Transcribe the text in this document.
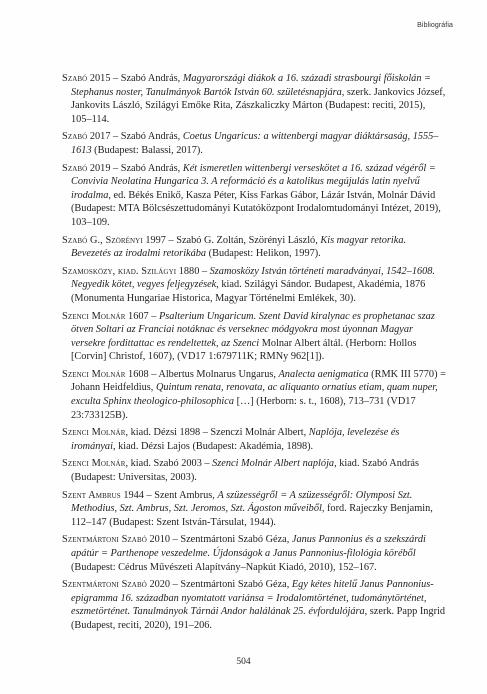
Bibliográfia

Szabó 2015 – Szabó András, Magyarországi diákok a 16. századi strasbourgi főiskolán = Stephanus noster, Tanulmányok Bartók István 60. születésnapjára, szerk. Jankovics József, Jankovits László, Szilágyi Emőke Rita, Zászkaliczky Márton (Budapest: reciti, 2015), 105–114.

Szabó 2017 – Szabó András, Coetus Ungaricus: a wittenbergi magyar diáktársaság, 1555–1613 (Budapest: Balassi, 2017).

Szabó 2019 – Szabó András, Két ismeretlen wittenbergi verseskötet a 16. század végéről = Convivia Neolatina Hungarica 3. A reformáció és a katolikus megújulás latin nyelvű irodalma, ed. Békés Enikő, Kasza Péter, Kiss Farkas Gábor, Lázár István, Molnár Dávid (Budapest: MTA Bölcsészettudományi Kutatóközpont Irodalomtudományi Intézet, 2019), 103–109.

Szabó G., Szörényi 1997 – Szabó G. Zoltán, Szörényi László, Kis magyar retorika. Bevezetés az irodalmi retorikába (Budapest: Helikon, 1997).

Szamosközy, kiad. Szilágyi 1880 – Szamosközy István történeti maradványai, 1542–1608. Negyedik kötet, vegyes feljegyzések, kiad. Szilágyi Sándor. Budapest, Akadémia, 1876 (Monumenta Hungariae Historica, Magyar Történelmi Emlékek, 30).

Szenci Molnár 1607 – Psalterium Ungaricum. Szent David kiralynac es prophetanac szaz ötven Soltari az Franciai notáknac és verseknec módgyokra most úyonnan Magyar versekre fordittattac es rendeltettek, az Szenci Molnar Albert áltál. (Herborn: Hollos [Corvin] Christof, 1607), (VD17 1:679711K; RMNy 962[1]).

Szenci Molnár 1608 – Albertus Molnarus Ungarus, Analecta aenigmatica (RMK III 5770) = Johann Heidfeldius, Quintum renata, renovata, ac aliquanto ornatius etiam, quam nuper, exculta Sphinx theologico-philosophica […] (Herborn: s. t., 1608), 713–731 (VD17 23:733125B).

Szenci Molnár, kiad. Dézsi 1898 – Szenczi Molnár Albert, Naplója, levelezése és irományai, kiad. Dézsi Lajos (Budapest: Akadémia, 1898).

Szenci Molnár, kiad. Szabó 2003 – Szenci Molnár Albert naplója, kiad. Szabó András (Budapest: Universitas, 2003).

Szent Ambrus 1944 – Szent Ambrus, A szüzességről = A szüzességről: Olymposi Szt. Methodius, Szt. Ambrus, Szt. Jeromos, Szt. Ágoston műveiből, ford. Rajeczky Benjamin, 112–147 (Budapest: Szent István-Társulat, 1944).

Szentmártoni Szabó 2010 – Szentmártoni Szabó Géza, Janus Pannonius és a szekszárdi apátúr = Parthenope veszedelme. Újdonságok a Janus Pannonius-filológia köréből (Budapest: Cédrus Művészeti Alapítvány–Napkút Kiadó, 2010), 152–167.

Szentmártoni Szabó 2020 – Szentmártoni Szabó Géza, Egy kétes hitelű Janus Pannonius-epigramma 16. században nyomtatott variánsa = Irodalomtörténet, tudománytörténet, eszmetörténet. Tanulmányok Tárnái Andor halálának 25. évfordulójára, szerk. Papp Ingrid (Budapest, reciti, 2020), 191–206.

504
